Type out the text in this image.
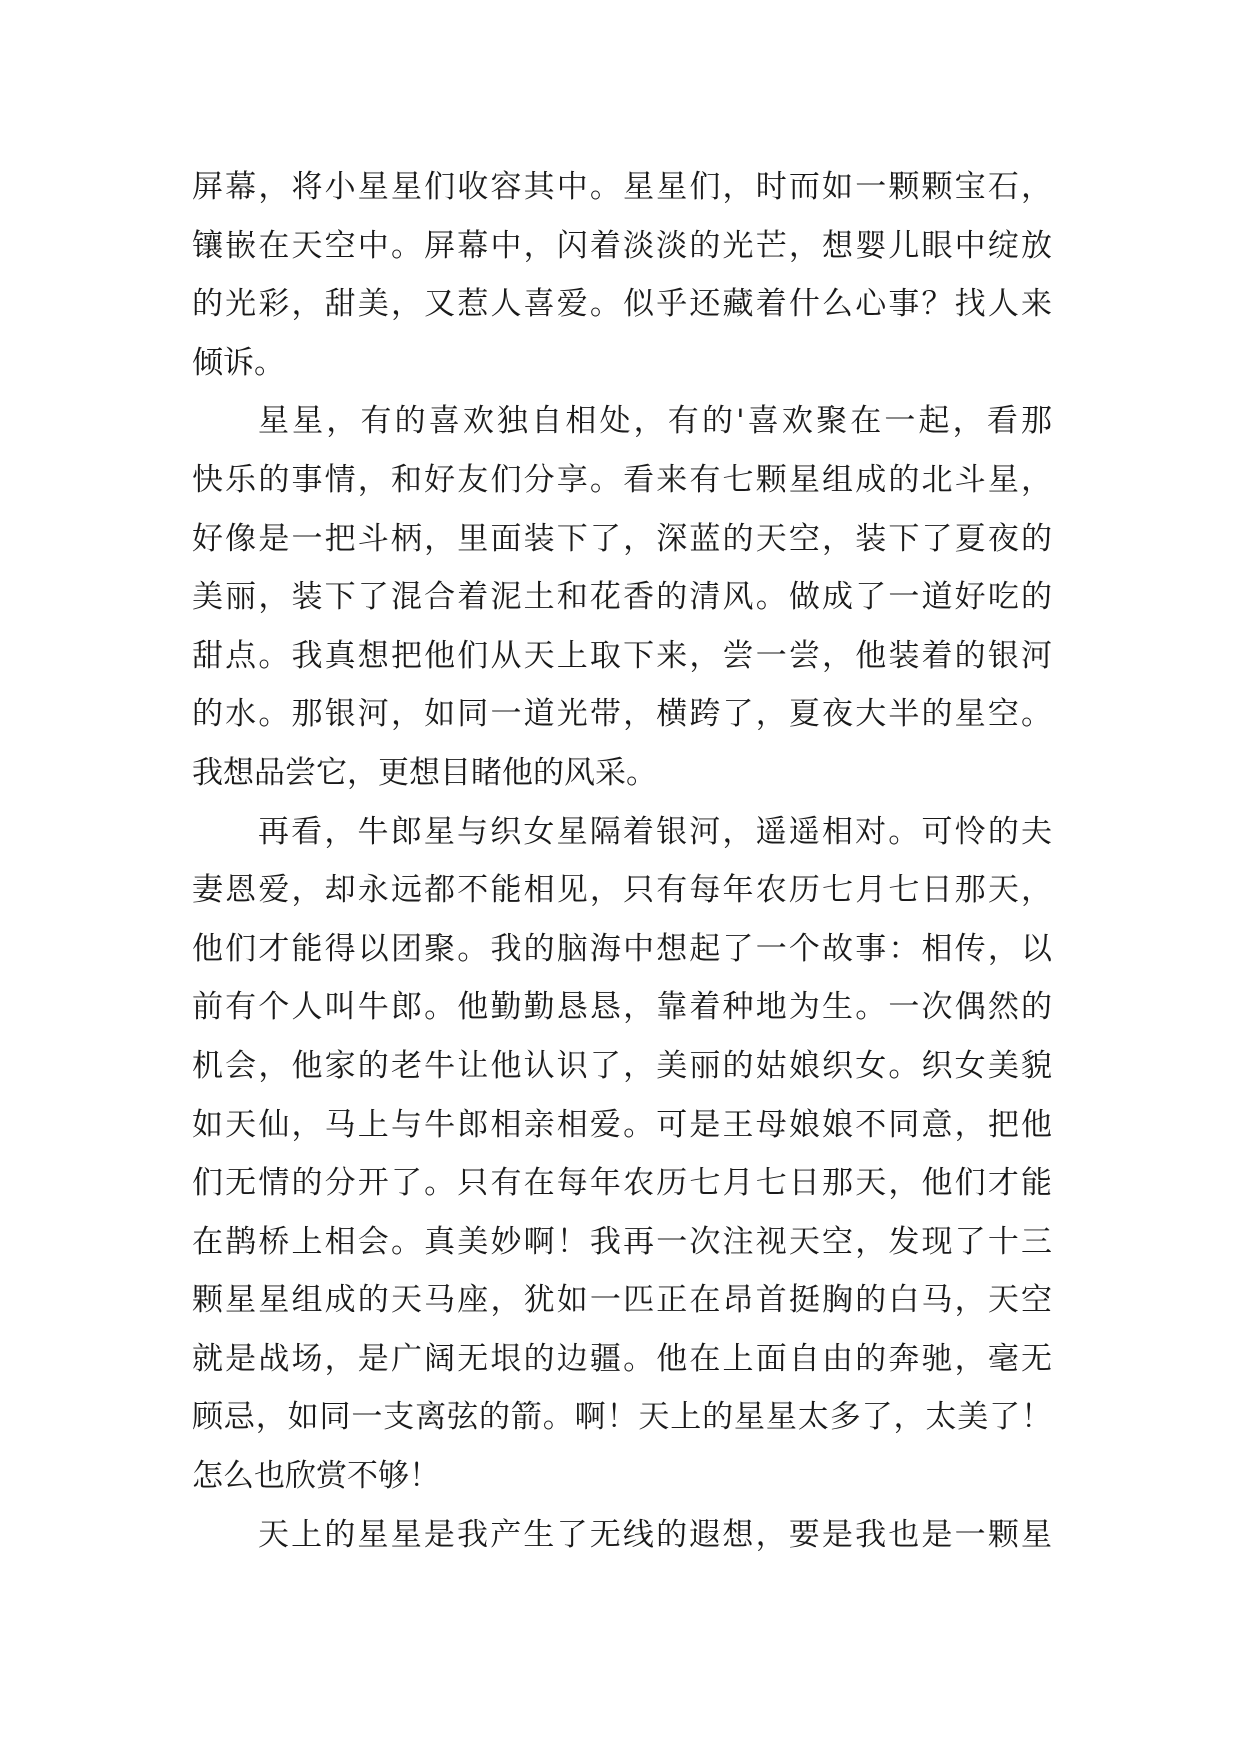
屏幕，将小星星们收容其中。星星们，时而如一颗颗宝石，
镶嵌在天空中。屏幕中，闪着淡淡的光芒，想婴儿眼中绽放
的光彩，甜美，又惹人喜爱。似乎还藏着什么心事？找人来
倾诉。
星星，有的喜欢独自相处，有的'喜欢聚在一起，看那
快乐的事情，和好友们分享。看来有七颗星组成的北斗星，
好像是一把斗柄，里面装下了，深蓝的天空，装下了夏夜的
美丽，装下了混合着泥土和花香的清风。做成了一道好吃的
甜点。我真想把他们从天上取下来，尝一尝，他装着的银河
的水。那银河，如同一道光带，横跨了，夏夜大半的星空。
我想品尝它，更想目睹他的风采。
再看，牛郎星与织女星隔着银河，遥遥相对。可怜的夫
妻恩爱，却永远都不能相见，只有每年农历七月七日那天，
他们才能得以团聚。我的脑海中想起了一个故事：相传，以
前有个人叫牛郎。他勤勤恳恳，靠着种地为生。一次偶然的
机会，他家的老牛让他认识了，美丽的姑娘织女。织女美貌
如天仙，马上与牛郎相亲相爱。可是王母娘娘不同意，把他
们无情的分开了。只有在每年农历七月七日那天，他们才能
在鹊桥上相会。真美妙啊！我再一次注视天空，发现了十三
颗星星组成的天马座，犹如一匹正在昂首挺胸的白马，天空
就是战场，是广阔无垠的边疆。他在上面自由的奔驰，毫无
顾忌，如同一支离弦的箭。啊！天上的星星太多了，太美了！
怎么也欣赏不够！
天上的星星是我产生了无线的遐想，要是我也是一颗星
